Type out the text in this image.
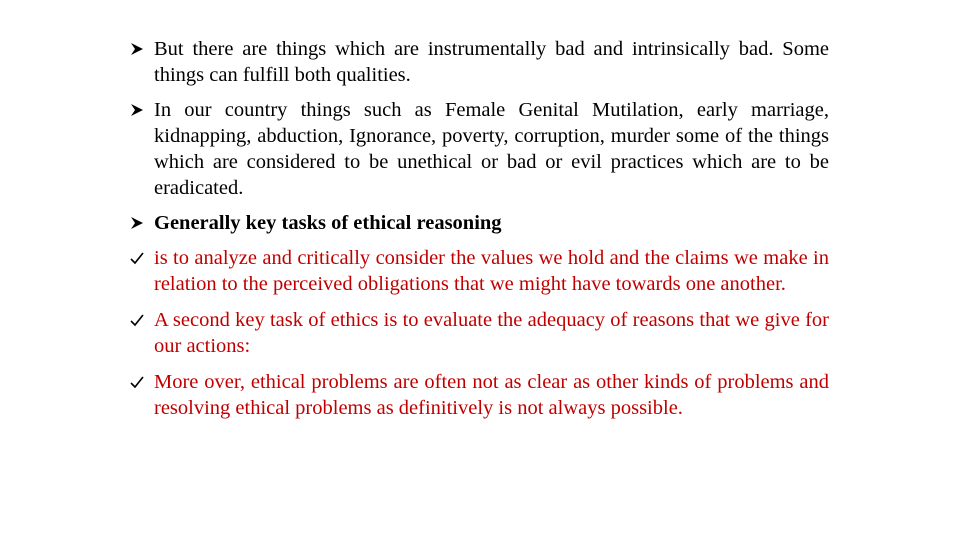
But there are things which are instrumentally bad and intrinsically bad. Some things can fulfill both qualities.
In our country things such as Female Genital Mutilation, early marriage, kidnapping, abduction, Ignorance, poverty, corruption, murder some of the things which are considered to be unethical or bad or evil practices which are to be eradicated.
Generally key tasks of ethical reasoning
is to analyze and critically consider the values we hold and the claims we make in relation to the perceived obligations that we might have towards one another.
A second key task of ethics is to evaluate the adequacy of reasons that we give for our actions:
More over, ethical problems are often not as clear as other kinds of problems and resolving ethical problems as definitively is not always possible.
